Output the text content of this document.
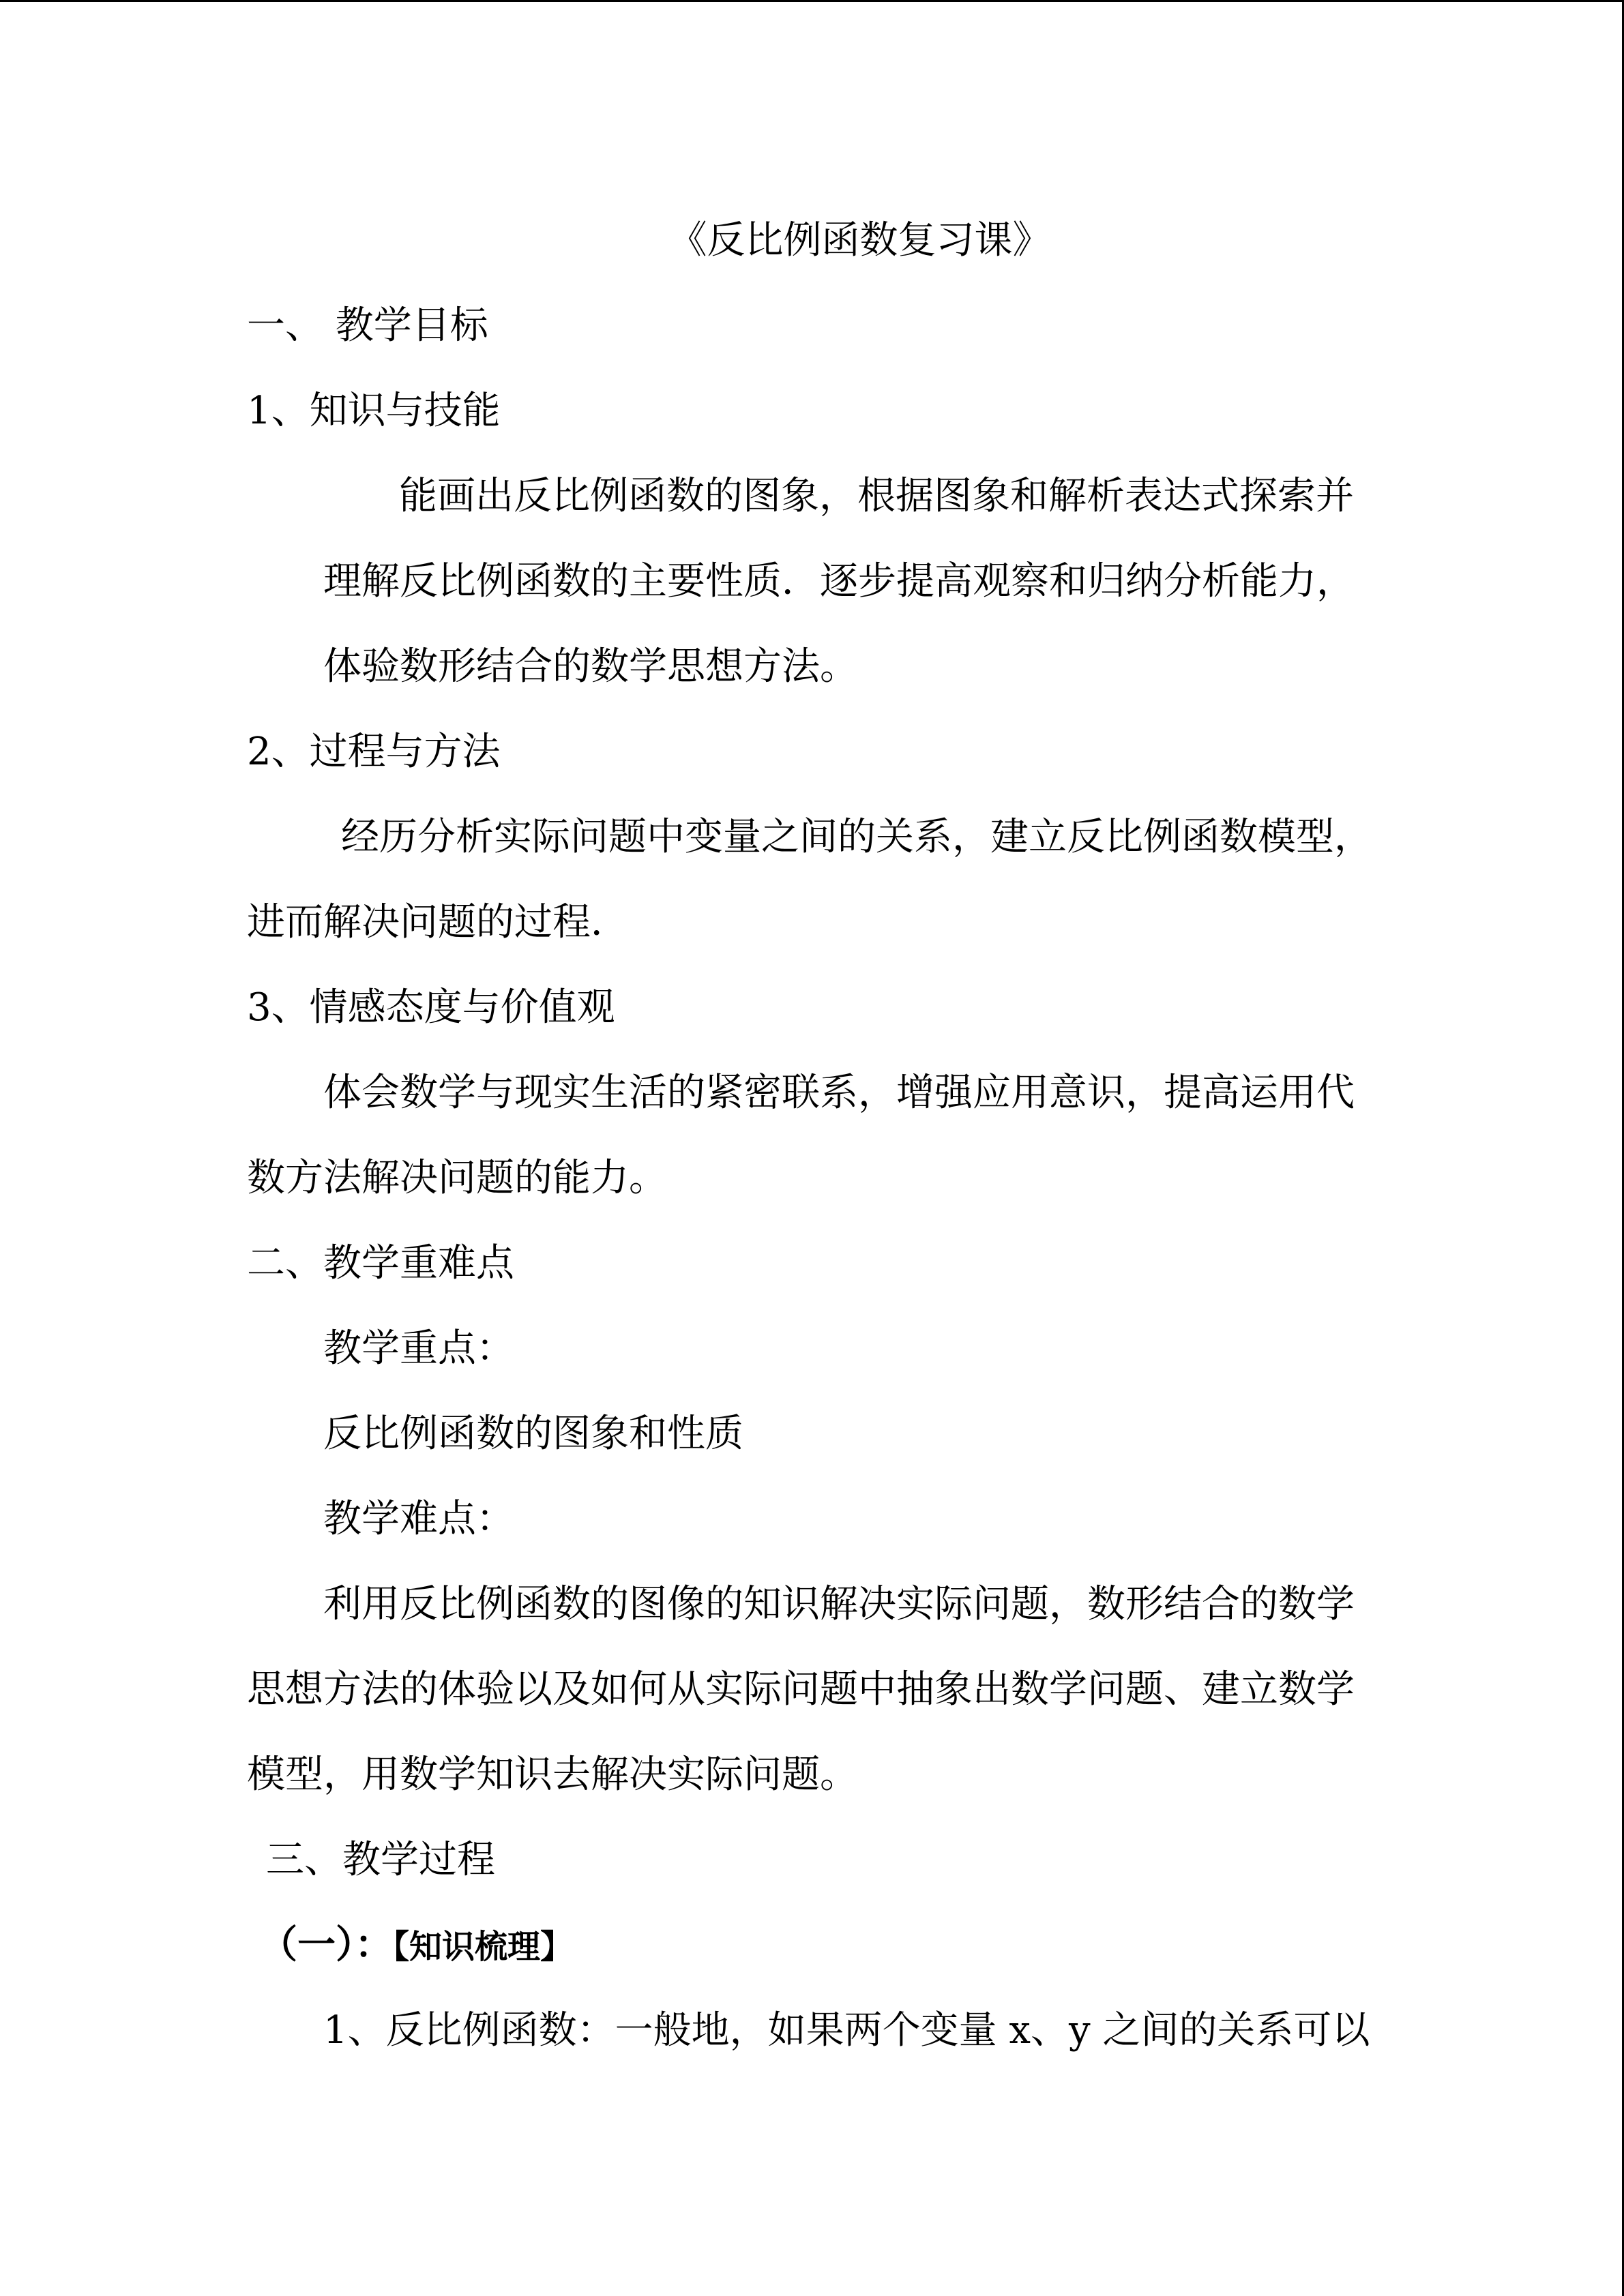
《反比例函数复习课》

一、 教学目标

1、知识与技能

能画出反比例函数的图象，根据图象和解析表达式探索并

理解反比例函数的主要性质．逐步提高观察和归纳分析能力，

体验数形结合的数学思想方法。

2、过程与方法

经历分析实际问题中变量之间的关系，建立反比例函数模型，

进而解决问题的过程．

3、情感态度与价值观

体会数学与现实生活的紧密联系，增强应用意识，提高运用代

数方法解决问题的能力。

二、教学重难点

教学重点：

反比例函数的图象和性质

教学难点：

利用反比例函数的图像的知识解决实际问题，数形结合的数学

思想方法的体验以及如何从实际问题中抽象出数学问题、建立数学

模型，用数学知识去解决实际问题。

三、教学过程

（一）：【知识梳理】

1、反比例函数：一般地，如果两个变量 x、y 之间的关系可以
